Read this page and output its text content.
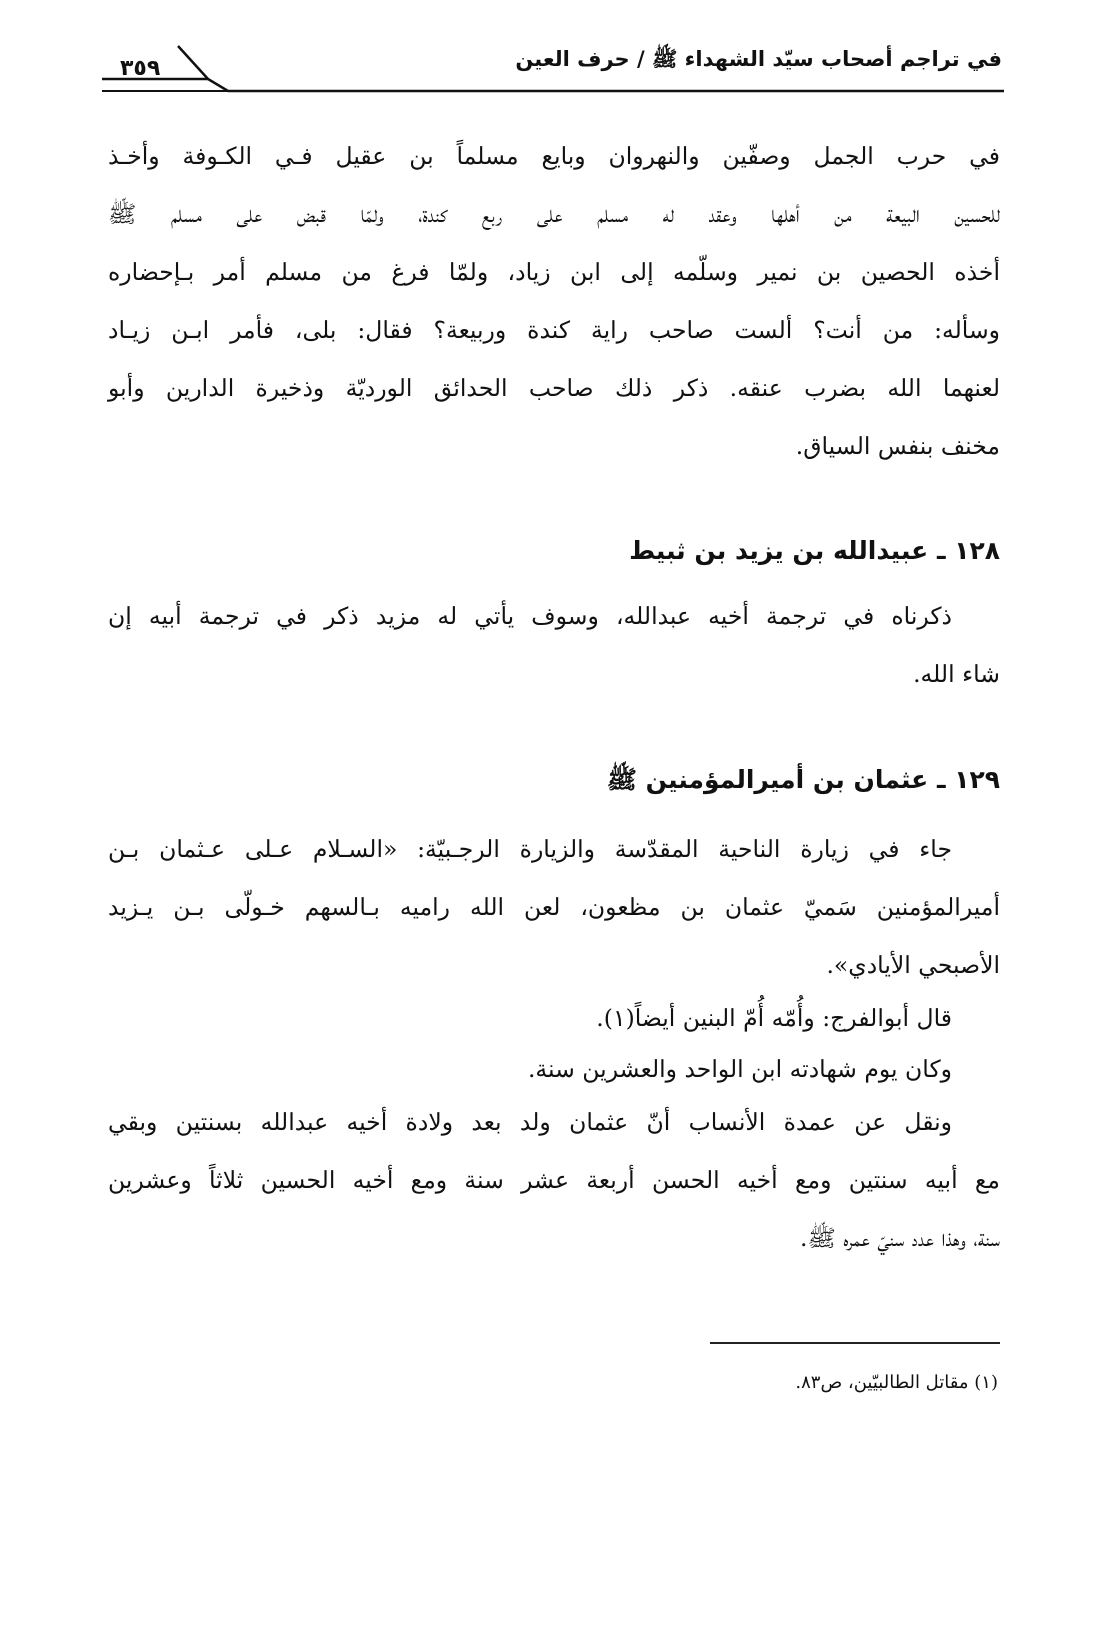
في تراجم أصحاب سيّد الشهداء ﷺ / حرف العين
٣٥٩
في حرب الجمل وصفّين والنهروان وبايع مسلماً بن عقيل فـي الكـوفة وأخـذ
للحسين البيعة من أهلها وعقد له مسلم على ربع كندة، ولمّا قبض على مسلم ﷺ
أخذه الحصين بن نمير وسلّمه إلى ابن زياد، ولمّا فرغ من مسلم أمر بـإحضاره
وسأله: من أنت؟ ألست صاحب راية كندة وربيعة؟ فقال: بلى، فأمر ابـن زيـاد
لعنهما الله بضرب عنقه. ذكر ذلك صاحب الحدائق الورديّة وذخيرة الدارين وأبو
مخنف بنفس السياق.
١٢٨ ـ عبيدالله بن يزيد بن ثبيط
ذكرناه في ترجمة أخيه عبدالله، وسوف يأتي له مزيد ذكر في ترجمة أبيه إن
شاء الله.
١٢٩ ـ عثمان بن أميرالمؤمنين ﷺ
جاء في زيارة الناحية المقدّسة والزيارة الرجـبيّة: «السـلام عـلى عـثمان بـن
أميرالمؤمنين سَميّ عثمان بن مظعون، لعن الله راميه بـالسهم خـولّى بـن يـزيد
الأصبحي الأيادي».
قال أبوالفرج: وأُمّه أُمّ البنين أيضاً(١).
وكان يوم شهادته ابن الواحد والعشرين سنة.
ونقل عن عمدة الأنساب أنّ عثمان ولد بعد ولادة أخيه عبدالله بسنتين وبقي
مع أبيه سنتين ومع أخيه الحسن أربعة عشر سنة ومع أخيه الحسين ثلاثاً وعشرين
سنة، وهذا عدد سنيّ عمره ﷺ.
(١) مقاتل الطالبيّين، ص٨٣.
